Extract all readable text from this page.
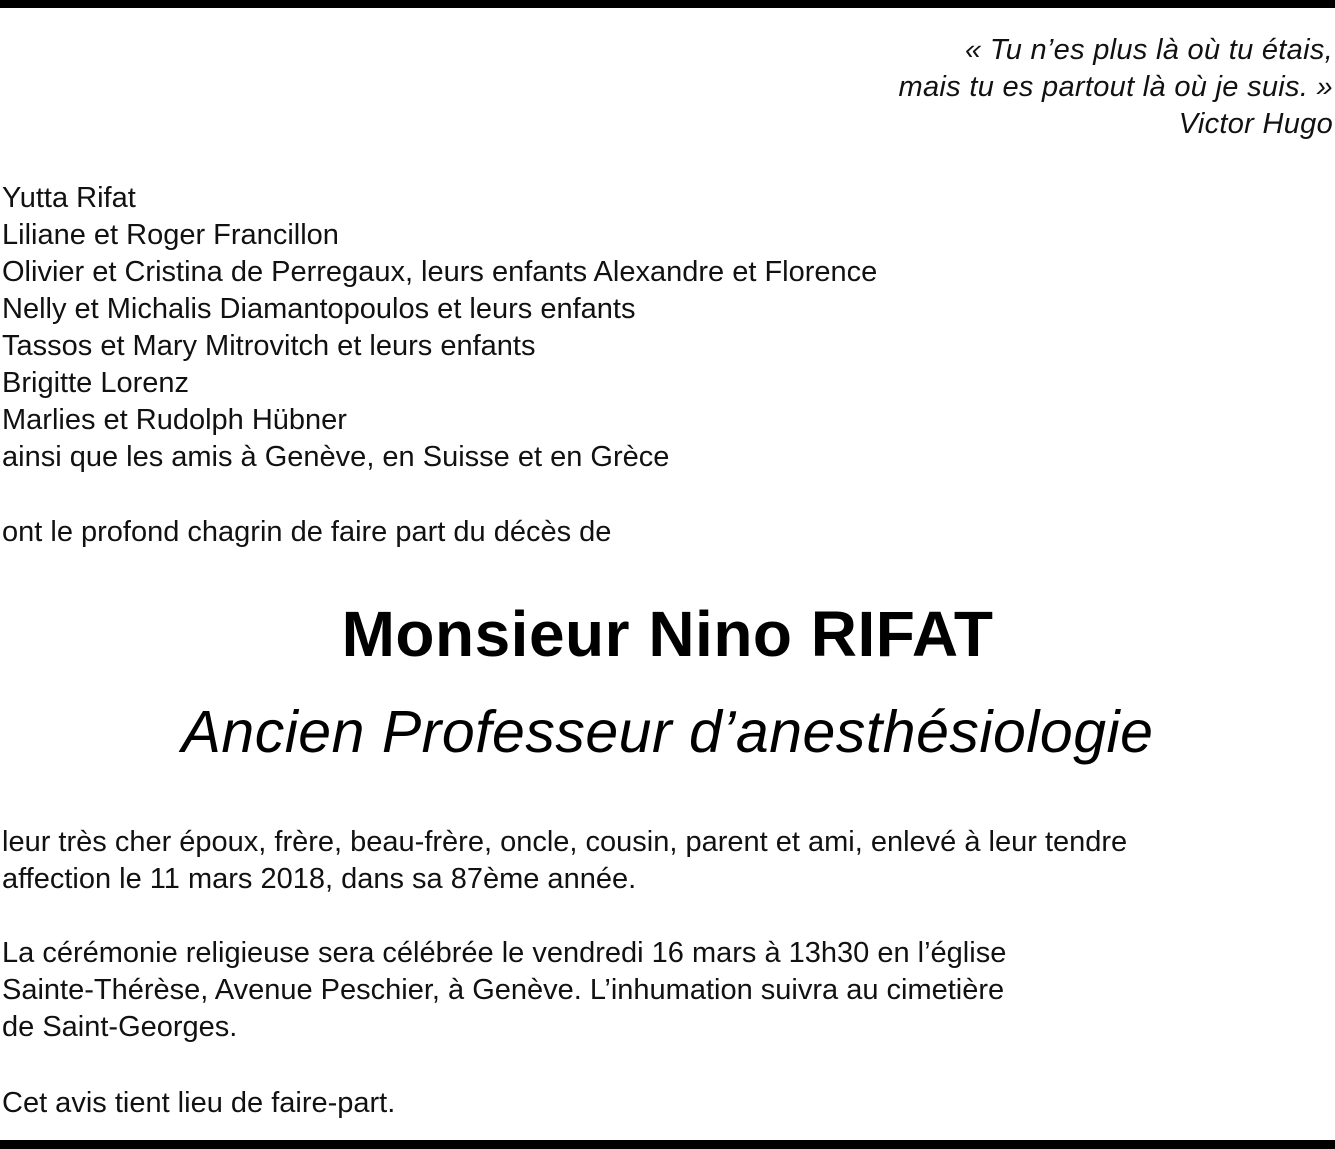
« Tu n’es plus là où tu étais,
mais tu es partout là où je suis. »
Victor Hugo
Yutta Rifat
Liliane et Roger Francillon
Olivier et Cristina de Perregaux, leurs enfants Alexandre et Florence
Nelly et Michalis Diamantopoulos et leurs enfants
Tassos et Mary Mitrovitch et leurs enfants
Brigitte Lorenz
Marlies et Rudolph Hübner
ainsi que les amis à Genève, en Suisse et en Grèce
ont le profond chagrin de faire part du décès de
Monsieur Nino RIFAT
Ancien Professeur d’anesthésiologie
leur très cher époux, frère, beau-frère, oncle, cousin, parent et ami, enlevé à leur tendre
affection le 11 mars 2018, dans sa 87ème année.
La cérémonie religieuse sera célébrée le vendredi 16 mars à 13h30 en l’église
Sainte-Thérèse, Avenue Peschier, à Genève. L’inhumation suivra au cimetière
de Saint-Georges.
Cet avis tient lieu de faire-part.
